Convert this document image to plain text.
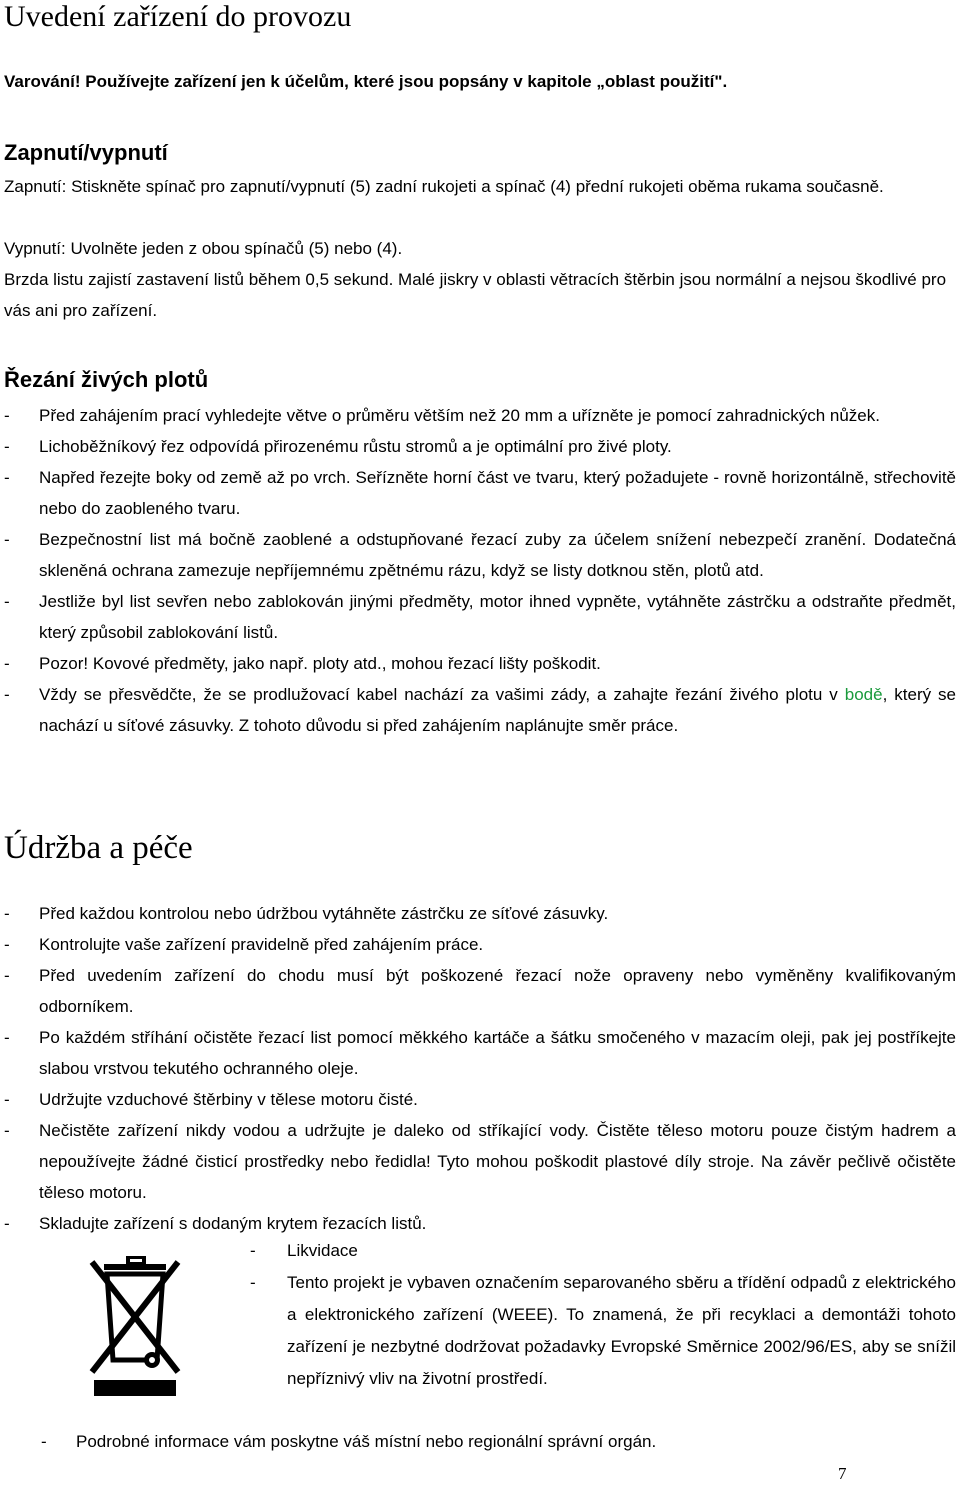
Uvedení zařízení do provozu

Varování! Používejte zařízení jen k účelům, které jsou popsány v kapitole „oblast použití".

Zapnutí/vypnutí

Zapnutí: Stiskněte spínač pro zapnutí/vypnutí (5) zadní rukojeti a spínač (4) přední rukojeti oběma rukama současně.

Vypnutí: Uvolněte jeden z obou spínačů (5) nebo (4).

Brzda listu zajistí zastavení listů během 0,5 sekund. Malé jiskry v oblasti větracích štěrbin jsou normální a nejsou škodlivé pro vás ani pro zařízení.

Řezání živých plotů
- Před zahájením prací vyhledejte větve o průměru větším než 20 mm a uřízněte je pomocí zahradnických nůžek.
- Lichoběžníkový řez odpovídá přirozenému růstu stromů a je optimální pro živé ploty.
- Napřed řezejte boky od země až po vrch. Seřízněte horní část ve tvaru, který požadujete - rovně horizontálně, střechovitě nebo do zaobleného tvaru.
- Bezpečnostní list má bočně zaoblené a odstupňované řezací zuby za účelem snížení nebezpečí zranění. Dodatečná skleněná ochrana zamezuje nepříjemnému zpětnému rázu, když se listy dotknou stěn, plotů atd.
- Jestliže byl list sevřen nebo zablokován jinými předměty, motor ihned vypněte, vytáhněte zástrčku a odstraňte předmět, který způsobil zablokování listů.
- Pozor! Kovové předměty, jako např. ploty atd., mohou řezací lišty poškodit.
- Vždy se přesvědčte, že se prodlužovací kabel nachází za vašimi zády, a zahajte řezání živého plotu v bodě, který se nachází u síťové zásuvky. Z tohoto důvodu si před zahájením naplánujte směr práce.
Údržba a péče
- Před každou kontrolou nebo údržbou vytáhněte zástrčku ze síťové zásuvky.
- Kontrolujte vaše zařízení pravidelně před zahájením práce.
- Před uvedením zařízení do chodu musí být poškozené řezací nože opraveny nebo vyměněny kvalifikovaným odborníkem.
- Po každém stříhání očistěte řezací list pomocí měkkého kartáče a šátku smočeného v mazacím oleji, pak jej postříkejte slabou vrstvou tekutého ochranného oleje.
- Udržujte vzduchové štěrbiny v tělese motoru čisté.
- Nečistěte zařízení nikdy vodou a udržujte je daleko od stříkající vody. Čistěte těleso motoru pouze čistým hadrem a nepoužívejte žádné čisticí prostředky nebo ředidla! Tyto mohou poškodit plastové díly stroje. Na závěr pečlivě očistěte těleso motoru.
- Skladujte zařízení s dodaným krytem řezacích listů.
- Likvidace
- Tento projekt je vybaven označením separovaného sběru a třídění odpadů z elektrického a elektronického zařízení (WEEE). To znamená, že při recyklaci a demontáži tohoto zařízení je nezbytné dodržovat požadavky Evropské Směrnice 2002/96/ES, aby se snížil nepříznivý vliv na životní prostředí.
- Podrobné informace vám poskytne váš místní nebo regionální správní orgán.
7
